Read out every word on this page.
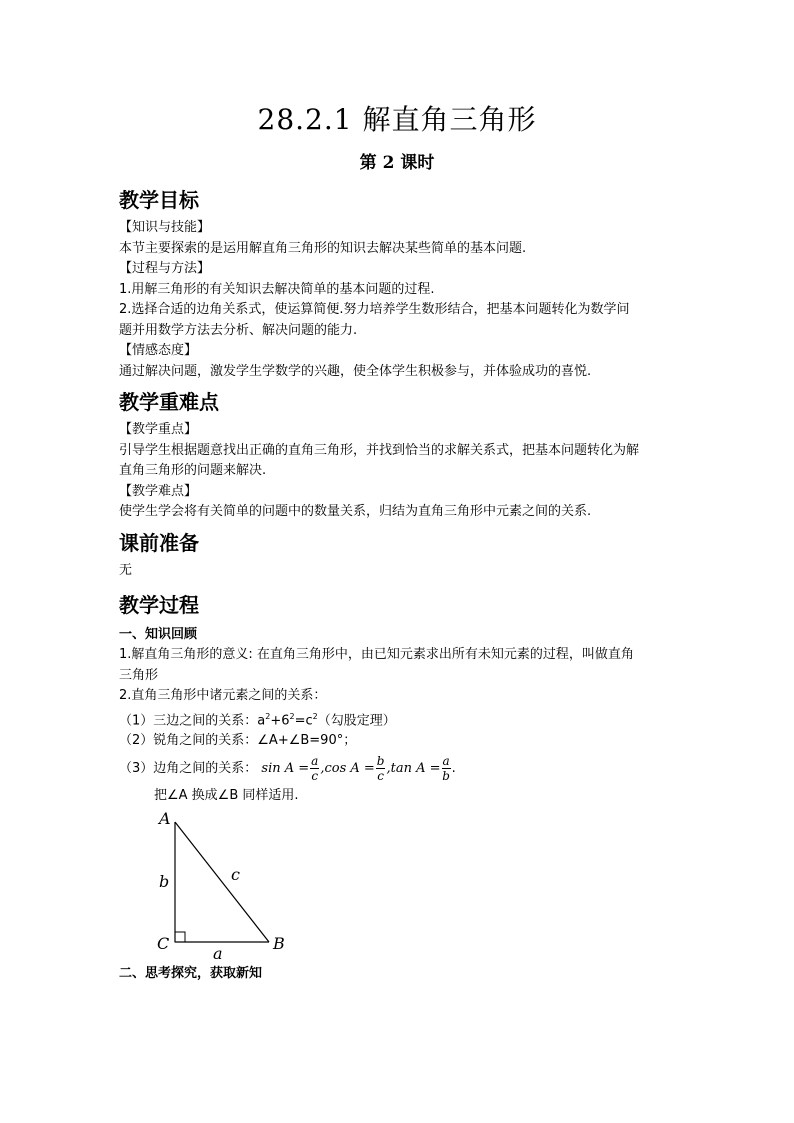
28.2.1 解直角三角形
第 2 课时

教学目标

【知识与技能】

本节主要探索的是运用解直角三角形的知识去解决某些简单的基本问题.

【过程与方法】

1.用解三角形的有关知识去解决简单的基本问题的过程.

2.选择合适的边角关系式，使运算简便.努力培养学生数形结合，把基本问题转化为数学问

题并用数学方法去分析、解决问题的能力.

【情感态度】

通过解决问题，激发学生学数学的兴趣，使全体学生积极参与，并体验成功的喜悦.

教学重难点

【教学重点】

引导学生根据题意找出正确的直角三角形，并找到恰当的求解关系式，把基本问题转化为解

直角三角形的问题来解决.

【教学难点】

使学生学会将有关简单的问题中的数量关系，归结为直角三角形中元素之间的关系.

课前准备

无

教学过程

一、知识回顾

1.解直角三角形的意义: 在直角三角形中，由已知元素求出所有未知元素的过程，叫做直角

三角形

2.直角三角形中诸元素之间的关系：

（1）三边之间的关系：$a^2+6^2=c^2$（勾股定理）

（2）锐角之间的关系：∠A+∠B=90°；

（3）边角之间的关系： $\sin A = \frac{a}{c} ,\cos$ $A = \frac{b}{c} ,\tan$ $A = \frac{a}{b}$ .

把∠A 换成∠B 同样适用.

A
B
C
a
b	c

二、思考探究，获取新知
